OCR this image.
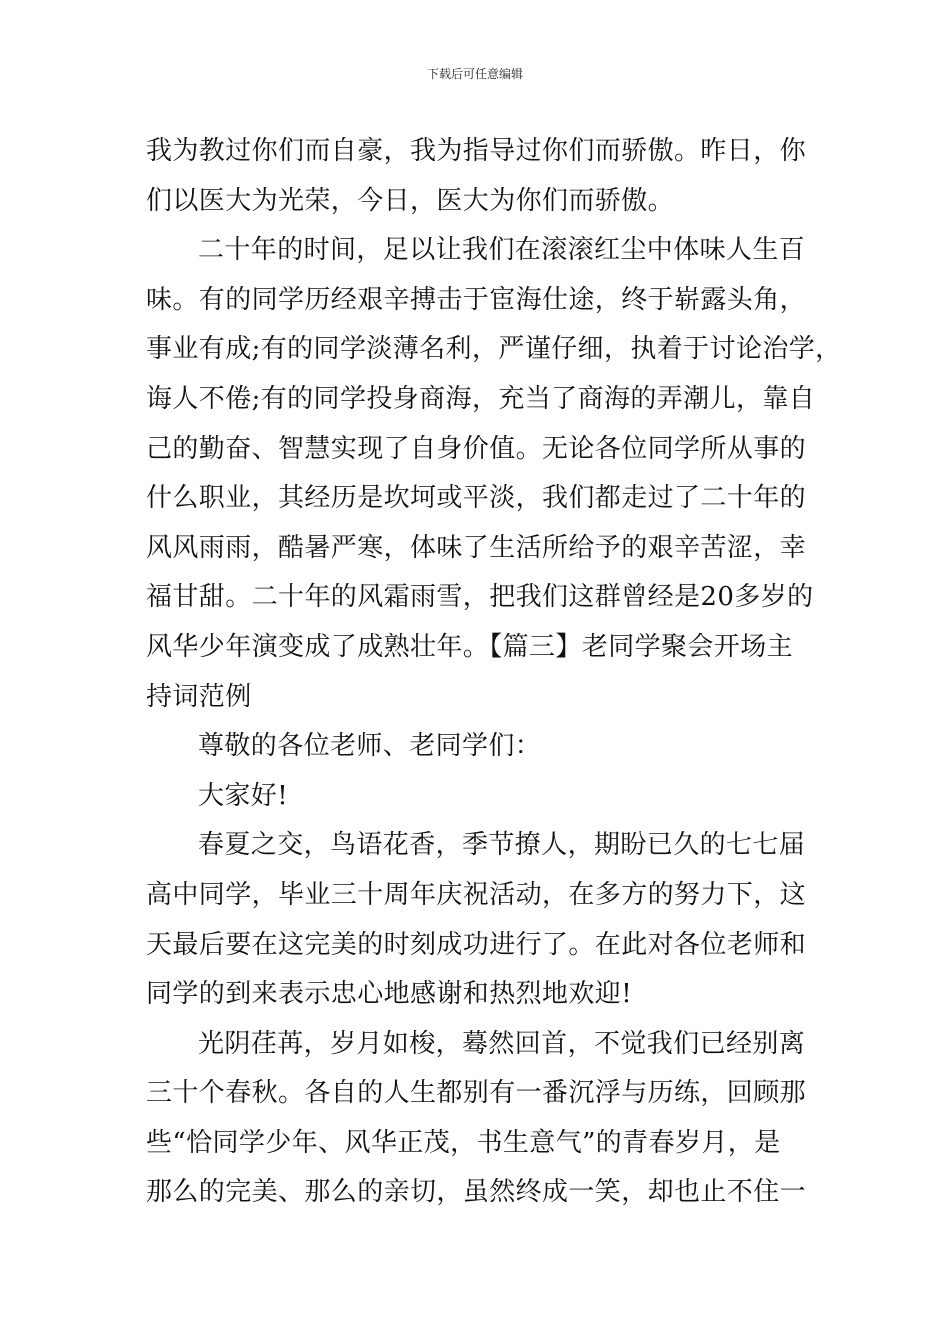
下载后可任意编辑
我为教过你们而自豪，我为指导过你们而骄傲。昨日，你
们以医大为光荣，今日，医大为你们而骄傲。
二十年的时间，足以让我们在滚滚红尘中体味人生百
味。有的同学历经艰辛搏击于宦海仕途，终于崭露头角，
事业有成;有的同学淡薄名利，严谨仔细，执着于讨论治学，
诲人不倦;有的同学投身商海，充当了商海的弄潮儿，靠自
己的勤奋、智慧实现了自身价值。无论各位同学所从事的
什么职业，其经历是坎坷或平淡，我们都走过了二十年的
风风雨雨，酷暑严寒，体味了生活所给予的艰辛苦涩，幸
福甘甜。二十年的风霜雨雪，把我们这群曾经是20多岁的
风华少年演变成了成熟壮年。【篇三】老同学聚会开场主
持词范例
尊敬的各位老师、老同学们：
大家好!
春夏之交，鸟语花香，季节撩人，期盼已久的七七届
高中同学，毕业三十周年庆祝活动，在多方的努力下，这
天最后要在这完美的时刻成功进行了。在此对各位老师和
同学的到来表示忠心地感谢和热烈地欢迎!
光阴荏苒，岁月如梭，蓦然回首，不觉我们已经别离
三十个春秋。各自的人生都别有一番沉浮与历练，回顾那
些“恰同学少年、风华正茂，书生意气”的青春岁月，是
那么的完美、那么的亲切，虽然终成一笑，却也止不住一
